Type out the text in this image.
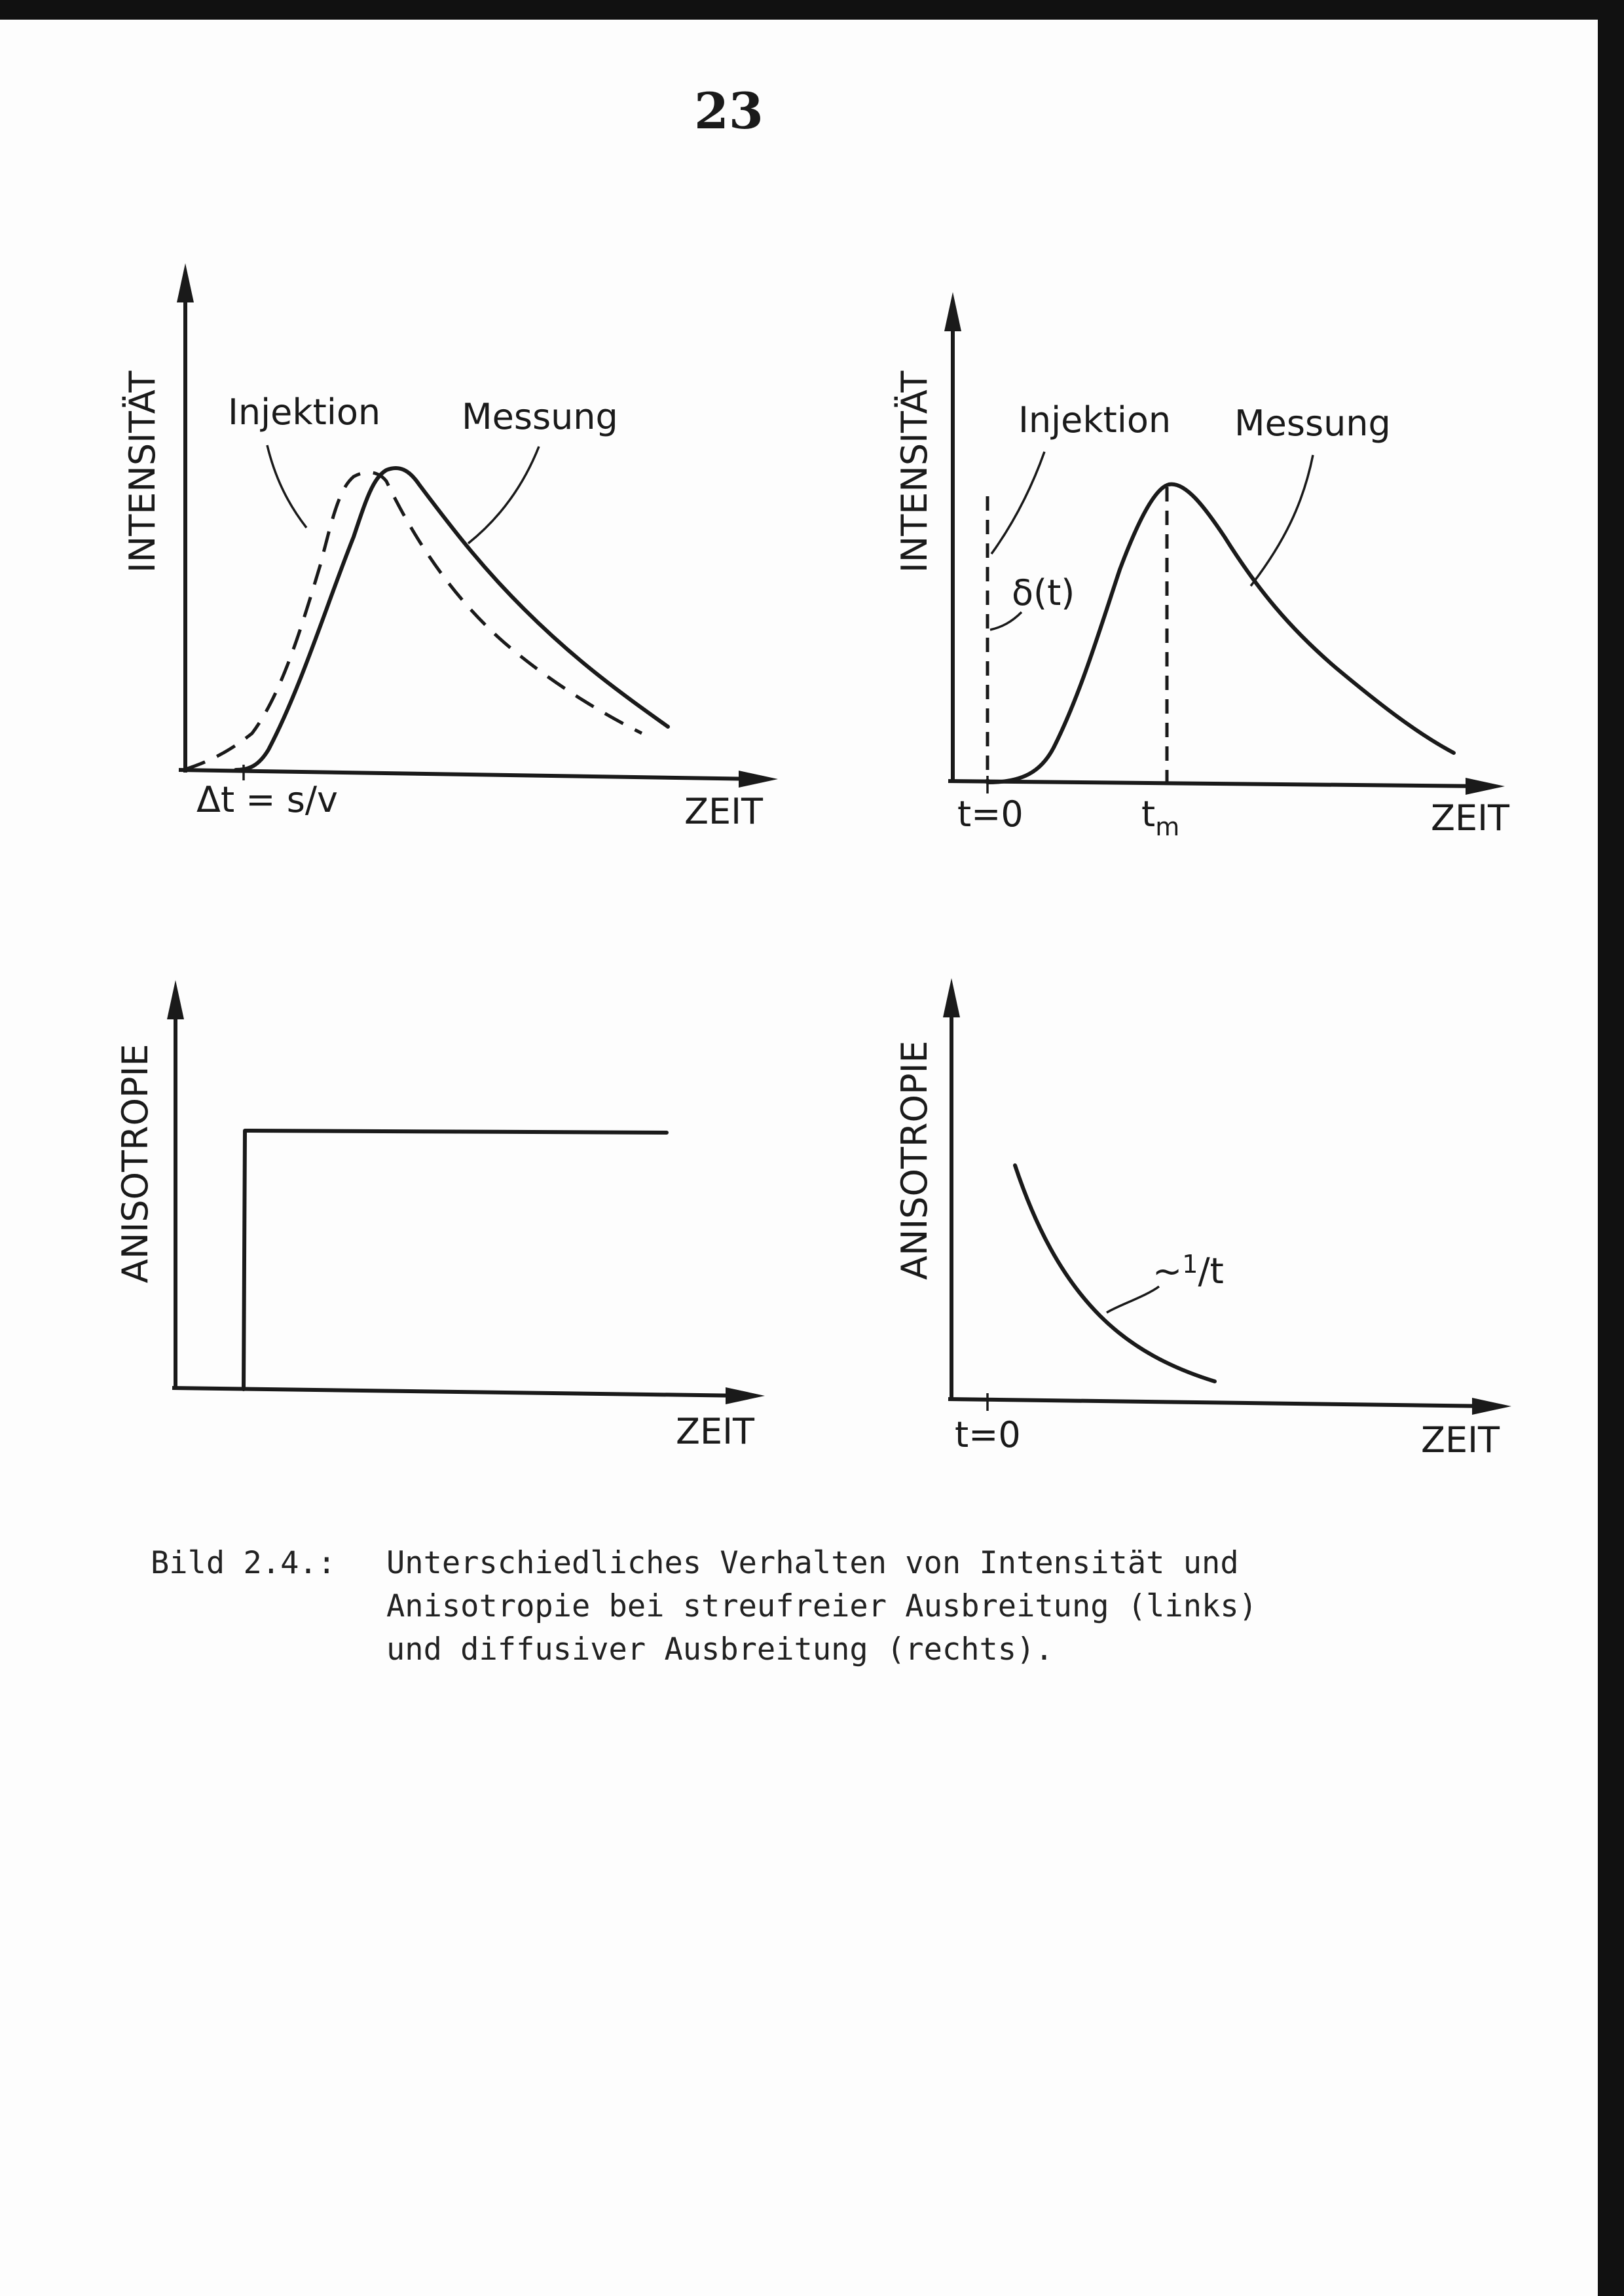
23
INTENSITÄT
ZEIT
Δt = s/v
Injektion Messung	INTENSITÄT
ZEIT
Injektion Messung
δ(t)
t=0	$t_m$
ANISOTROPIE
ZEIT
ANISOTROPIE
ZEIT
t=0
~$^1$/t
Bild 2.4.: Unterschiedliches Verhalten von Intensität und
Anisotropie bei streufreier Ausbreitung (links)
und diffusiver Ausbreitung (rechts).
